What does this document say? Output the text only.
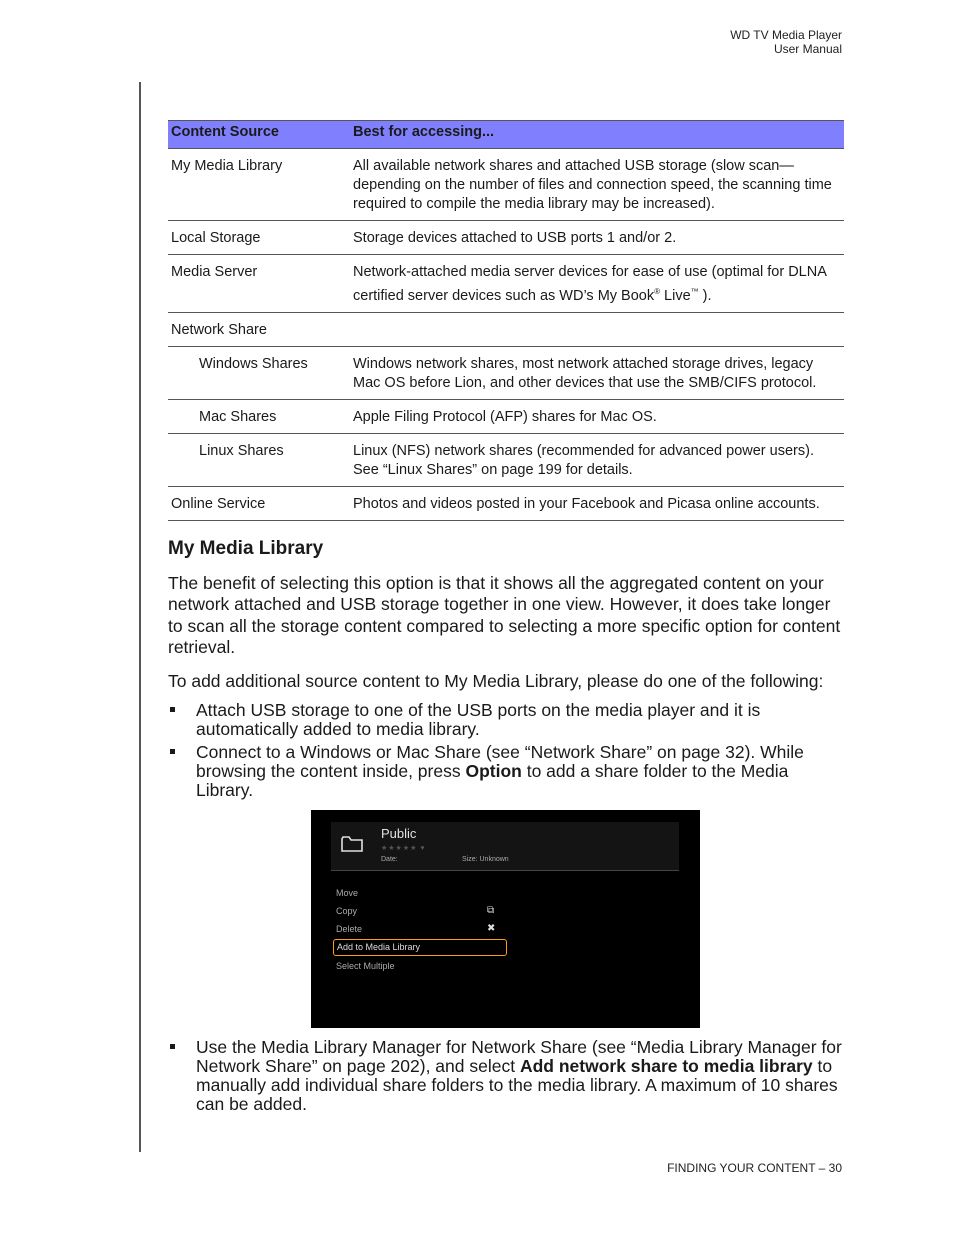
WD TV Media Player
User Manual
Content Source	Best for accessing...
My Media Library	All available network shares and attached USB storage (slow scan— depending on the number of files and connection speed, the scanning time required to compile the media library may be increased).
Local Storage	Storage devices attached to USB ports 1 and/or 2.
Media Server	Network-attached media server devices for ease of use (optimal for DLNA certified server devices such as WD’s My Book® Live™ ).
Network Share	
Windows Shares	Windows network shares, most network attached storage drives, legacy Mac OS before Lion, and other devices that use the SMB/CIFS protocol.
Mac Shares	Apple Filing Protocol (AFP) shares for Mac OS.
Linux Shares	Linux (NFS) network shares (recommended for advanced power users). See “Linux Shares” on page 199 for details.
Online Service	Photos and videos posted in your Facebook and Picasa online accounts.
My Media Library

The benefit of selecting this option is that it shows all the aggregated content on your network attached and USB storage together in one view. However, it does take longer to scan all the storage content compared to selecting a more specific option for content retrieval.

To add additional source content to My Media Library, please do one of the following:

Attach USB storage to one of the USB ports on the media player and it is automatically added to media library.
Connect to a Windows or Mac Share (see “Network Share” on page 32). While browsing the content inside, press Option to add a share folder to the Media Library.
Public
★★★★★ ♥
Date:	Size: Unknown
Move
Copy	⧉
Delete	✖
Add to Media Library
Select Multiple
Use the Media Library Manager for Network Share (see “Media Library Manager for Network Share” on page 202), and select Add network share to media library to manually add individual share folders to the media library. A maximum of 10 shares can be added.
FINDING YOUR CONTENT – 30
